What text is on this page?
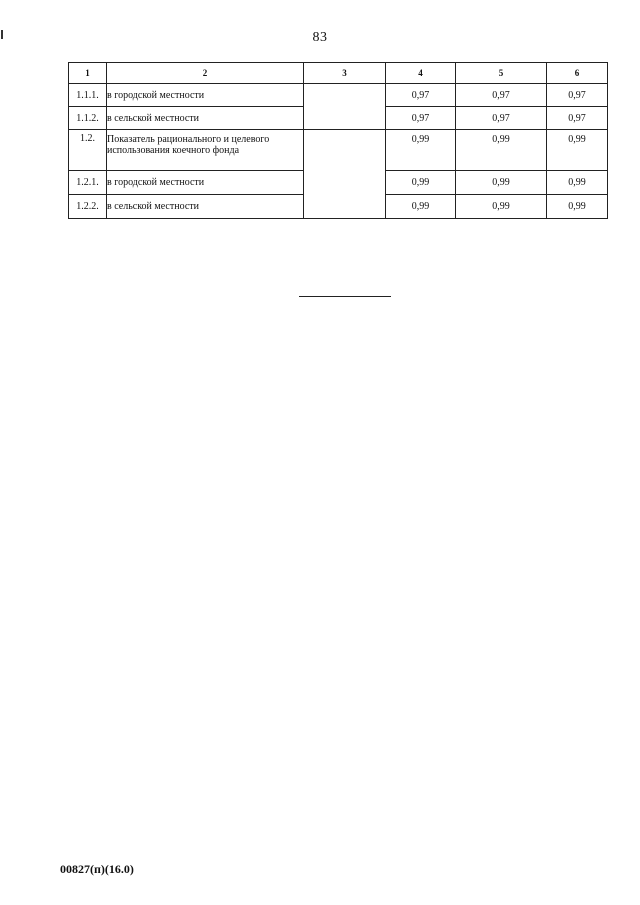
83
1	2	3	4	5	6
1.1.1.	в городской местности		0,97	0,97	0,97
1.1.2.	в сельской местности		0,97	0,97	0,97
1.2.	Показатель рационального и целевого использования коечного фонда		0,99	0,99	0,99
1.2.1.	в городской местности		0,99	0,99	0,99
1.2.2.	в сельской местности		0,99	0,99	0,99
00827(п)(16.0)
